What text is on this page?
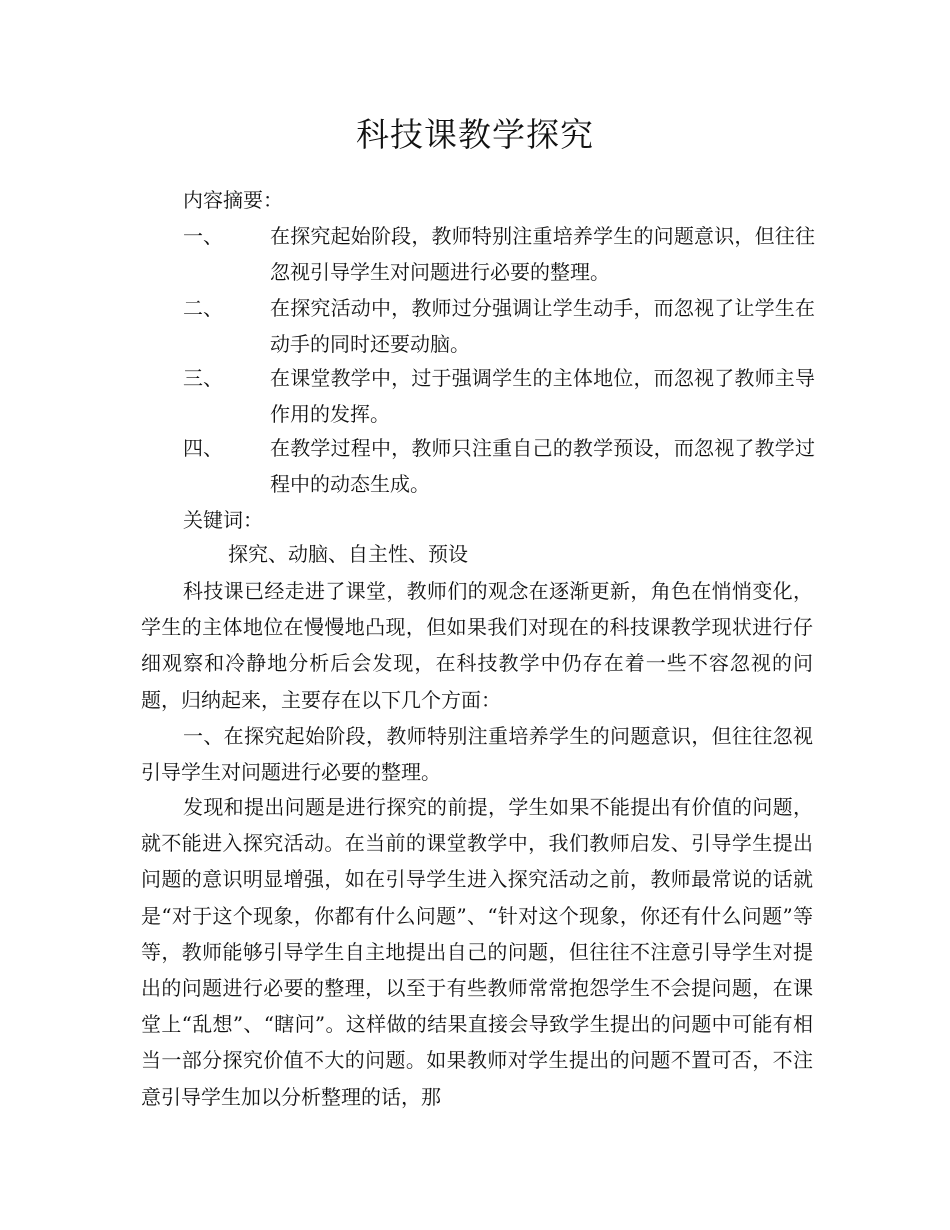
科技课教学探究
内容摘要：
一、 在探究起始阶段，教师特别注重培养学生的问题意识，但往往忽视引导学生对问题进行必要的整理。
二、 在探究活动中，教师过分强调让学生动手，而忽视了让学生在动手的同时还要动脑。
三、 在课堂教学中，过于强调学生的主体地位，而忽视了教师主导作用的发挥。
四、 在教学过程中，教师只注重自己的教学预设，而忽视了教学过程中的动态生成。
关键词：
探究、动脑、自主性、预设

科技课已经走进了课堂，教师们的观念在逐渐更新，角色在悄悄变化，学生的主体地位在慢慢地凸现，但如果我们对现在的科技课教学现状进行仔细观察和冷静地分析后会发现，在科技教学中仍存在着一些不容忽视的问题，归纳起来，主要存在以下几个方面：

一、在探究起始阶段，教师特别注重培养学生的问题意识，但往往忽视引导学生对问题进行必要的整理。

发现和提出问题是进行探究的前提，学生如果不能提出有价值的问题，就不能进入探究活动。在当前的课堂教学中，我们教师启发、引导学生提出问题的意识明显增强，如在引导学生进入探究活动之前，教师最常说的话就是“对于这个现象，你都有什么问题”、“针对这个现象，你还有什么问题”等等，教师能够引导学生自主地提出自己的问题，但往往不注意引导学生对提出的问题进行必要的整理，以至于有些教师常常抱怨学生不会提问题，在课堂上“乱想”、“瞎问”。这样做的结果直接会导致学生提出的问题中可能有相当一部分探究价值不大的问题。如果教师对学生提出的问题不置可否，不注意引导学生加以分析整理的话，那
